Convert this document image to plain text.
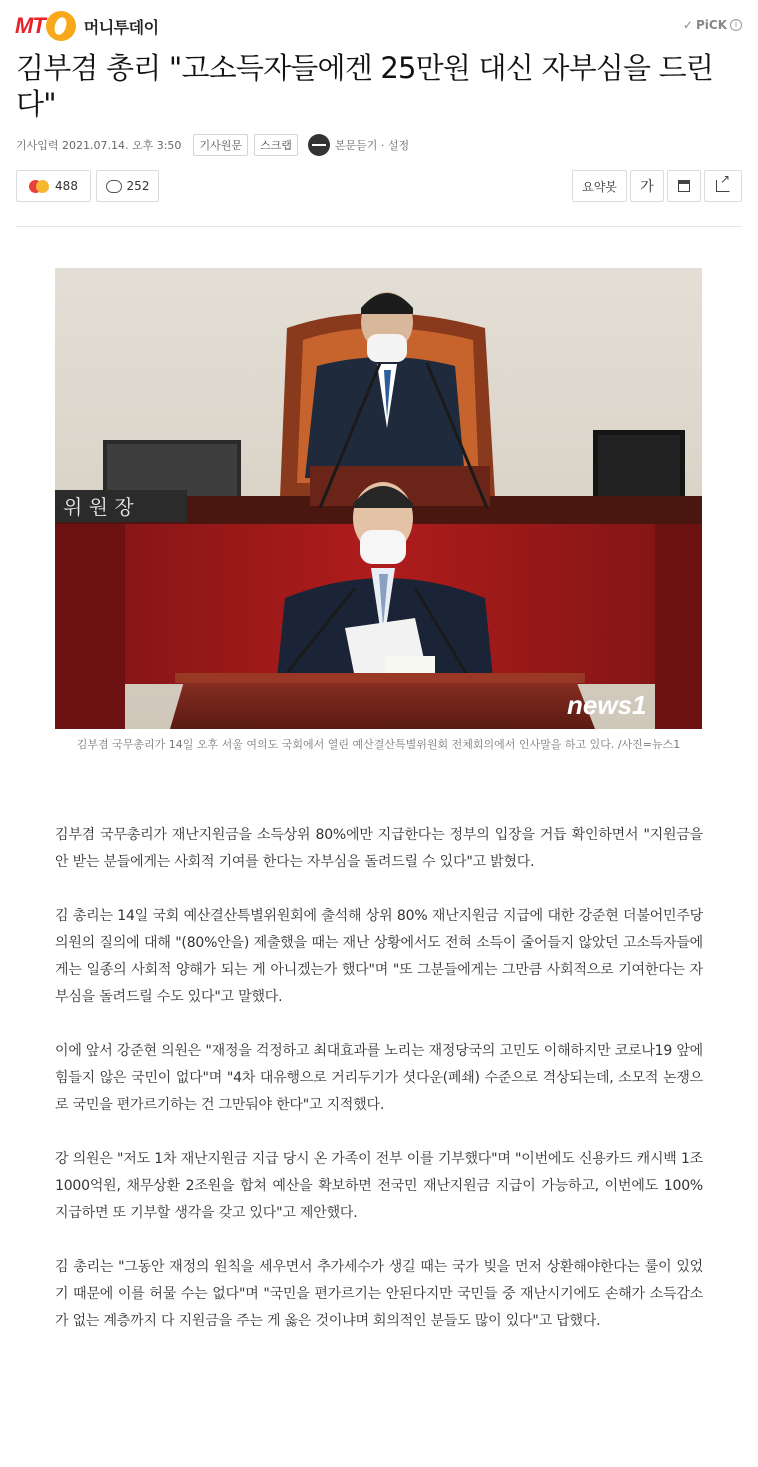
MT 머니투데이	✓ PiCK i
김부겸 총리 "고소득자들에겐 25만원 대신 자부심을 드린다"
기사입력 2021.07.14. 오후 3:50	기사원문	스크랩	본문듣기 · 설정
488	252	요약봇	가
↗
위 원 장
news1
김부겸 국무총리가 14일 오후 서울 여의도 국회에서 열린 예산결산특별위원회 전체회의에서 인사말을 하고 있다. /사진=뉴스1

김부겸 국무총리가 재난지원금을 소득상위 80%에만 지급한다는 정부의 입장을 거듭 확인하면서 "지원금을 안 받는 분들에게는 사회적 기여를 한다는 자부심을 돌려드릴 수 있다"고 밝혔다.

김 총리는 14일 국회 예산결산특별위원회에 출석해 상위 80% 재난지원금 지급에 대한 강준현 더불어민주당 의원의 질의에 대해 "(80%안을) 제출했을 때는 재난 상황에서도 전혀 소득이 줄어들지 않았던 고소득자들에게는 일종의 사회적 양해가 되는 게 아니겠는가 했다"며 "또 그분들에게는 그만큼 사회적으로 기여한다는 자부심을 돌려드릴 수도 있다"고 말했다.

이에 앞서 강준현 의원은 "재정을 걱정하고 최대효과를 노리는 재정당국의 고민도 이해하지만 코로나19 앞에 힘들지 않은 국민이 없다"며 "4차 대유행으로 거리두기가 셧다운(폐쇄) 수준으로 격상되는데, 소모적 논쟁으로 국민을 편가르기하는 건 그만둬야 한다"고 지적했다.

강 의원은 "저도 1차 재난지원금 지급 당시 온 가족이 전부 이를 기부했다"며 "이번에도 신용카드 캐시백 1조1000억원, 채무상환 2조원을 합쳐 예산을 확보하면 전국민 재난지원금 지급이 가능하고, 이번에도 100% 지급하면 또 기부할 생각을 갖고 있다"고 제안했다.

김 총리는 "그동안 재정의 원칙을 세우면서 추가세수가 생길 때는 국가 빚을 먼저 상환해야한다는 룰이 있었기 때문에 이를 허물 수는 없다"며 "국민을 편가르기는 안된다지만 국민들 중 재난시기에도 손해가 소득감소가 없는 계층까지 다 지원금을 주는 게 옳은 것이냐며 회의적인 분들도 많이 있다"고 답했다.
